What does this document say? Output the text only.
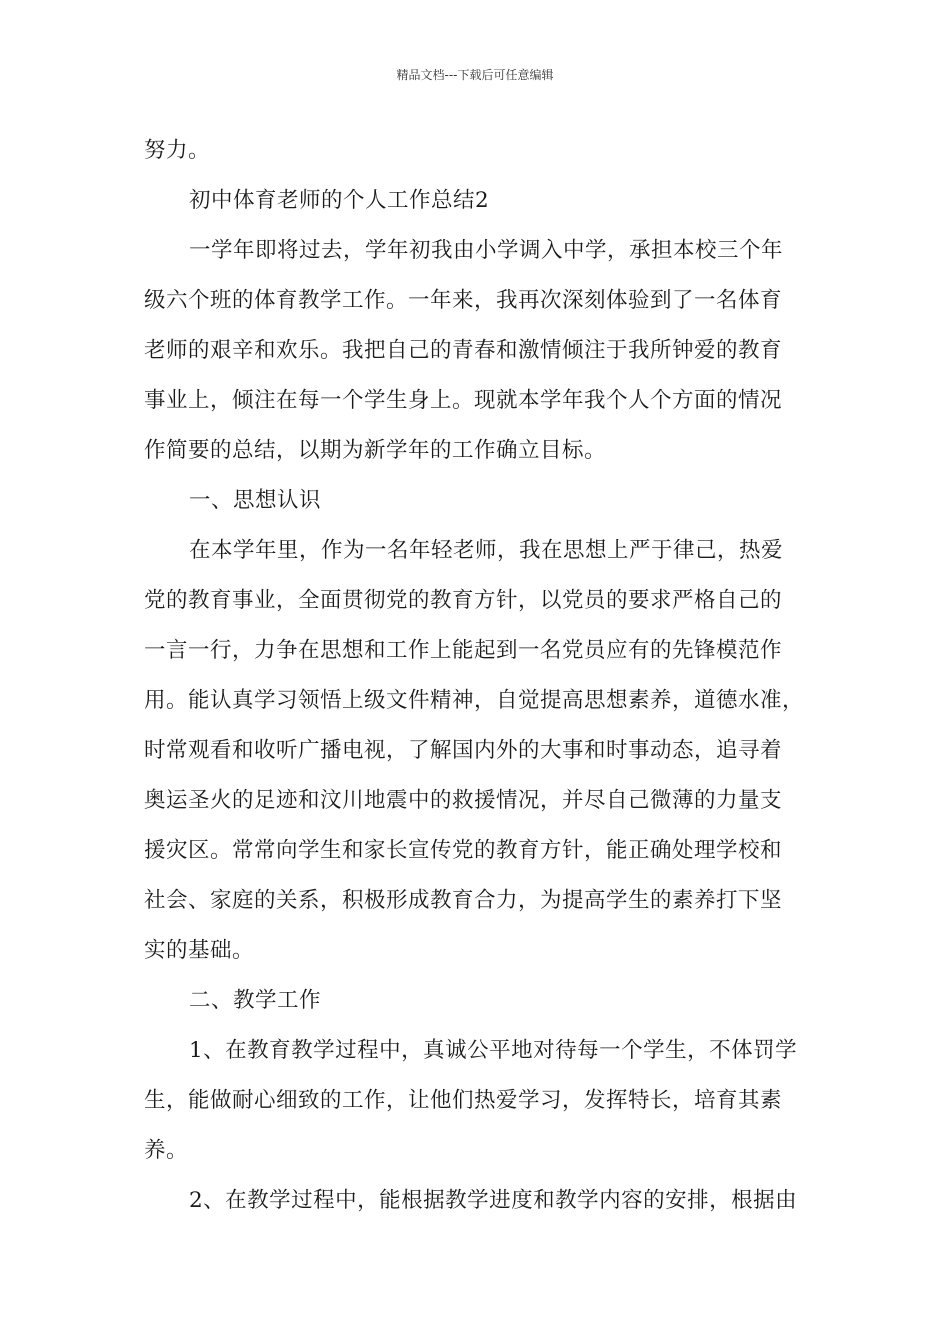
精品文档---下载后可任意编辑
努力。
初中体育老师的个人工作总结2
一学年即将过去，学年初我由小学调入中学，承担本校三个年
级六个班的体育教学工作。一年来，我再次深刻体验到了一名体育
老师的艰辛和欢乐。我把自己的青春和激情倾注于我所钟爱的教育
事业上，倾注在每一个学生身上。现就本学年我个人个方面的情况
作简要的总结，以期为新学年的工作确立目标。
一、思想认识
在本学年里，作为一名年轻老师，我在思想上严于律己，热爱
党的教育事业，全面贯彻党的教育方针，以党员的要求严格自己的
一言一行，力争在思想和工作上能起到一名党员应有的先锋模范作
用。能认真学习领悟上级文件精神，自觉提高思想素养，道德水准，
时常观看和收听广播电视，了解国内外的大事和时事动态，追寻着
奥运圣火的足迹和汶川地震中的救援情况，并尽自己微薄的力量支
援灾区。常常向学生和家长宣传党的教育方针，能正确处理学校和
社会、家庭的关系，积极形成教育合力，为提高学生的素养打下坚
实的基础。
二、教学工作
1、在教育教学过程中，真诚公平地对待每一个学生，不体罚学
生，能做耐心细致的工作，让他们热爱学习，发挥特长，培育其素
养。
2、在教学过程中，能根据教学进度和教学内容的安排，根据由
